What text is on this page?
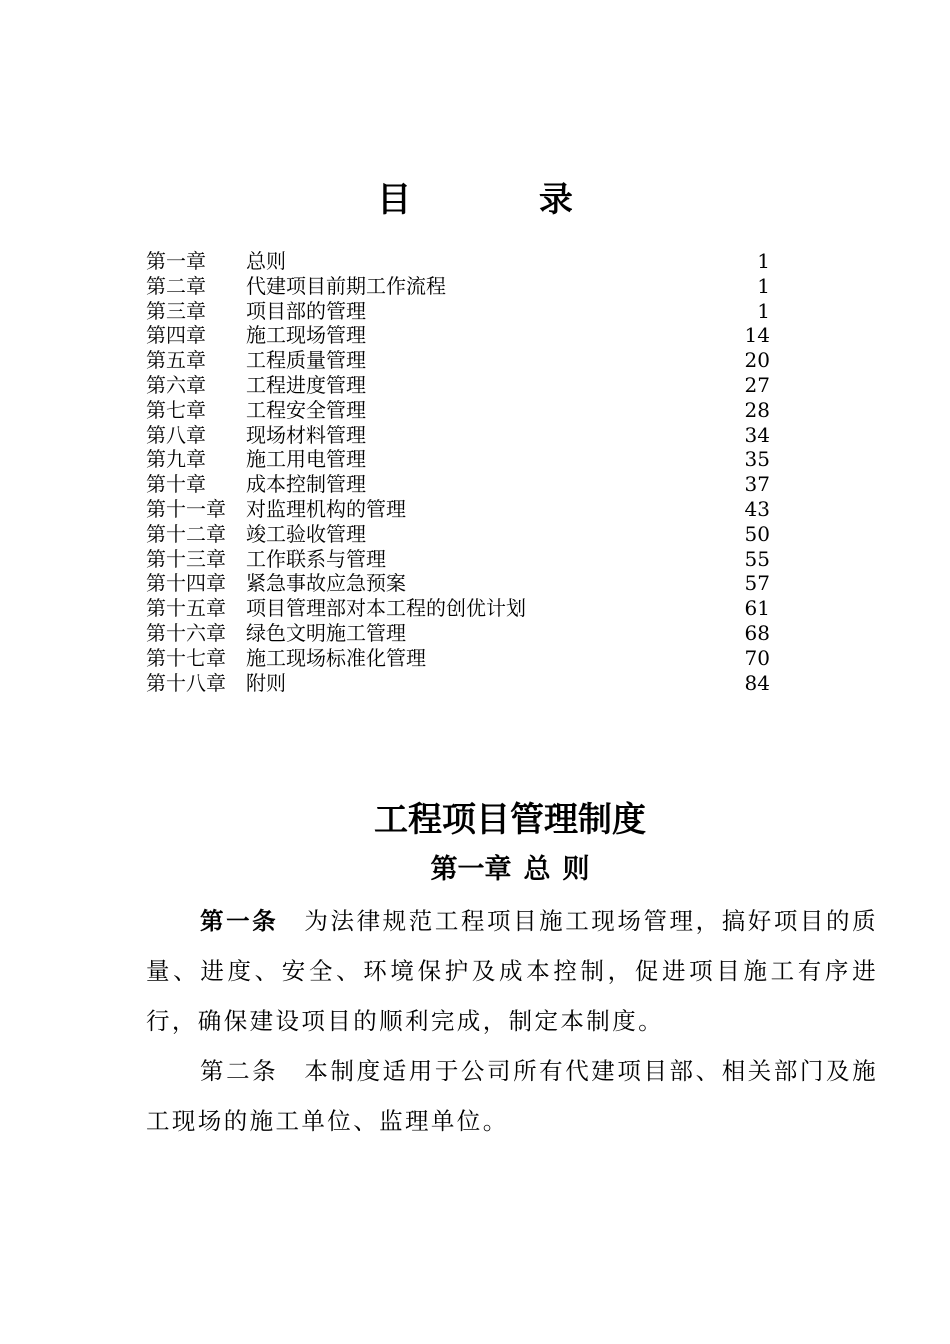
目 录
第一章 总则	1
第二章 代建项目前期工作流程	1
第三章 项目部的管理	1
第四章 施工现场管理	14
第五章 工程质量管理	20
第六章 工程进度管理	27
第七章 工程安全管理	28
第八章 现场材料管理	34
第九章 施工用电管理	35
第十章 成本控制管理	37
第十一章 对监理机构的管理	43
第十二章 竣工验收管理	50
第十三章 工作联系与管理	55
第十四章 紧急事故应急预案	57
第十五章 项目管理部对本工程的创优计划	61
第十六章 绿色文明施工管理	68
第十七章 施工现场标准化管理	70
第十八章 附则	84
工程项目管理制度
第一章 总 则
第一条 为法律规范工程项目施工现场管理，搞好项目的质量、进度、安全、环境保护及成本控制，促进项目施工有序进行，确保建设项目的顺利完成，制定本制度。
第二条 本制度适用于公司所有代建项目部、相关部门及施工现场的施工单位、监理单位。
